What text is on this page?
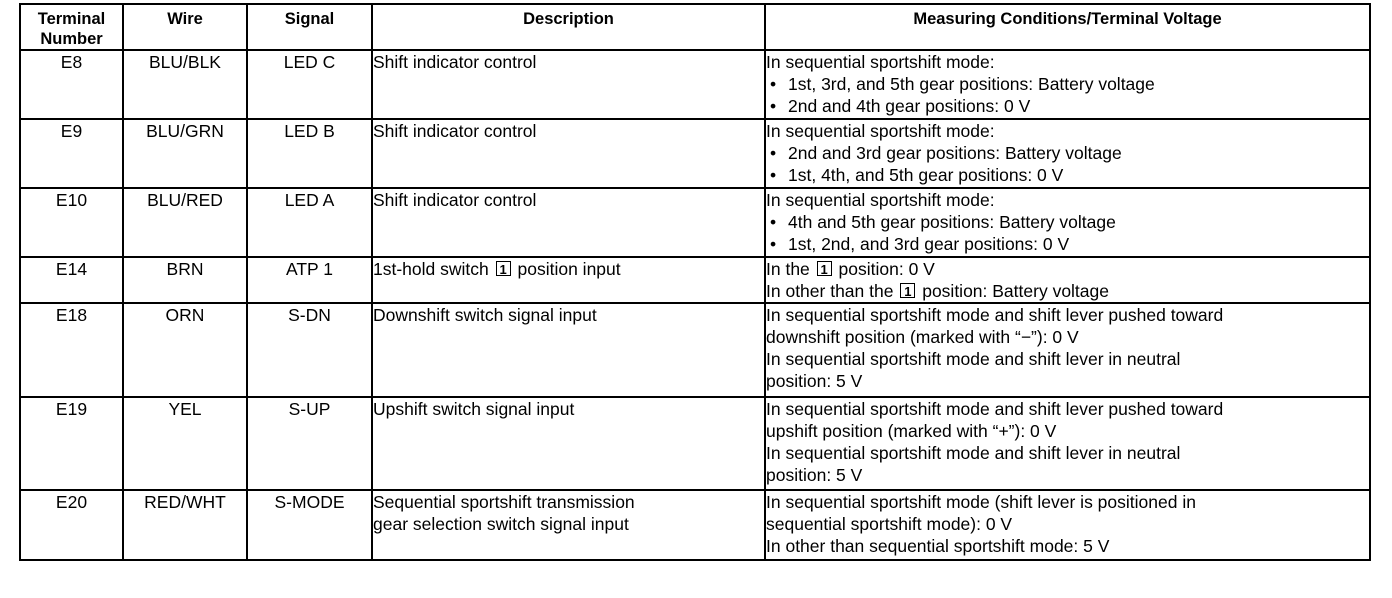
Terminal Number	Wire	Signal	Description	Measuring Conditions/Terminal Voltage
E8	BLU/BLK	LED C	Shift indicator control	In sequential sportshift mode:
• 1st, 3rd, and 5th gear positions: Battery voltage
• 2nd and 4th gear positions: 0 V

E9	BLU/GRN	LED B	Shift indicator control	In sequential sportshift mode:
• 2nd and 3rd gear positions: Battery voltage
• 1st, 4th, and 5th gear positions: 0 V

E10	BLU/RED	LED A	Shift indicator control	In sequential sportshift mode:
• 4th and 5th gear positions: Battery voltage
• 1st, 2nd, and 3rd gear positions: 0 V

E14	BRN	ATP 1	1st-hold switch 1 position input	In the 1 position: 0 V
In other than the 1 position: Battery voltage

E18	ORN	S-DN	Downshift switch signal input	In sequential sportshift mode and shift lever pushed toward
downshift position (marked with “−”): 0 V
In sequential sportshift mode and shift lever in neutral
position: 5 V

E19	YEL	S-UP	Upshift switch signal input	In sequential sportshift mode and shift lever pushed toward
upshift position (marked with “+”): 0 V
In sequential sportshift mode and shift lever in neutral
position: 5 V

E20	RED/WHT	S-MODE	Sequential sportshift transmission
gear selection switch signal input	In sequential sportshift mode (shift lever is positioned in
sequential sportshift mode): 0 V
In other than sequential sportshift mode: 5 V
